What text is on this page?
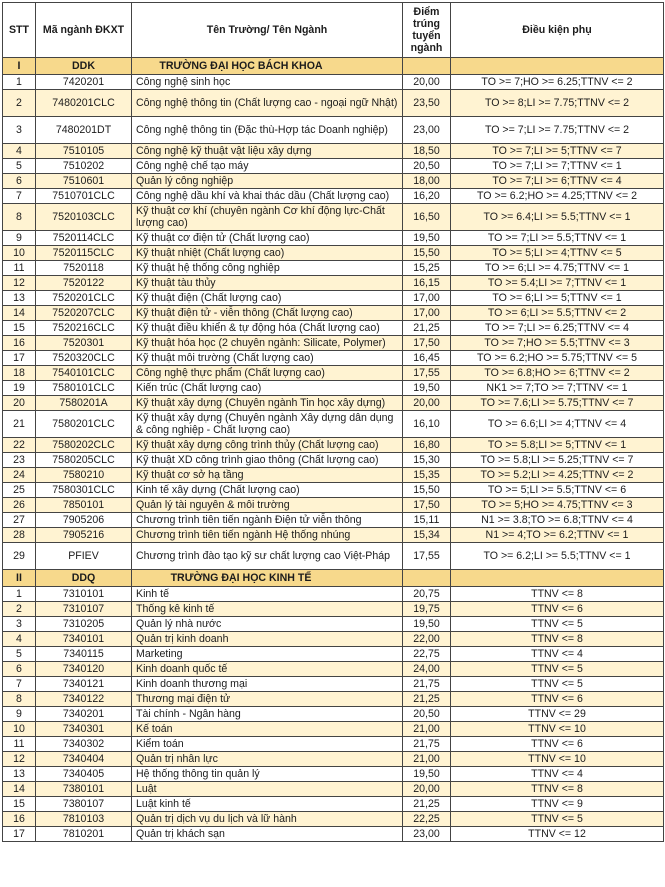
STT	Mã ngành ĐKXT	Tên Trường/ Tên Ngành	Điểm trúng tuyển ngành	Điều kiện phụ
I	DDK	TRƯỜNG ĐẠI HỌC BÁCH KHOA		
1	7420201	Công nghệ sinh học	20,00	TO >= 7;HO >= 6.25;TTNV <= 2
2	7480201CLC	Công nghệ thông tin (Chất lượng cao - ngoại ngữ Nhật)	23,50	TO >= 8;LI >= 7.75;TTNV <= 2
3	7480201DT	Công nghệ thông tin (Đặc thù-Hợp tác Doanh nghiệp)	23,00	TO >= 7;LI >= 7.75;TTNV <= 2
4	7510105	Công nghệ kỹ thuật vật liệu xây dựng	18,50	TO >= 7;LI >= 5;TTNV <= 7
5	7510202	Công nghệ chế tạo máy	20,50	TO >= 7;LI >= 7;TTNV <= 1
6	7510601	Quản lý công nghiệp	18,00	TO >= 7;LI >= 6;TTNV <= 4
7	7510701CLC	Công nghệ dầu khí và khai thác dầu (Chất lượng cao)	16,20	TO >= 6.2;HO >= 4.25;TTNV <= 2
8	7520103CLC	Kỹ thuật cơ khí (chuyên ngành Cơ khí động lực-Chất lượng cao)	16,50	TO >= 6.4;LI >= 5.5;TTNV <= 1
9	7520114CLC	Kỹ thuật cơ điện tử (Chất lượng cao)	19,50	TO >= 7;LI >= 5.5;TTNV <= 1
10	7520115CLC	Kỹ thuật nhiệt (Chất lượng cao)	15,50	TO >= 5;LI >= 4;TTNV <= 5
11	7520118	Kỹ thuật hệ thống công nghiệp	15,25	TO >= 6;LI >= 4.75;TTNV <= 1
12	7520122	Kỹ thuật tàu thủy	16,15	TO >= 5.4;LI >= 7;TTNV <= 1
13	7520201CLC	Kỹ thuật điện (Chất lượng cao)	17,00	TO >= 6;LI >= 5;TTNV <= 1
14	7520207CLC	Kỹ thuật điện tử - viễn thông (Chất lượng cao)	17,00	TO >= 6;LI >= 5.5;TTNV <= 2
15	7520216CLC	Kỹ thuật điều khiển & tự động hóa (Chất lượng cao)	21,25	TO >= 7;LI >= 6.25;TTNV <= 4
16	7520301	Kỹ thuật hóa học (2 chuyên ngành: Silicate, Polymer)	17,50	TO >= 7;HO >= 5.5;TTNV <= 3
17	7520320CLC	Kỹ thuật môi trường (Chất lượng cao)	16,45	TO >= 6.2;HO >= 5.75;TTNV <= 5
18	7540101CLC	Công nghệ thực phẩm (Chất lượng cao)	17,55	TO >= 6.8;HO >= 6;TTNV <= 2
19	7580101CLC	Kiến trúc (Chất lượng cao)	19,50	NK1 >= 7;TO >= 7;TTNV <= 1
20	7580201A	Kỹ thuật xây dựng (Chuyên ngành Tin học xây dựng)	20,00	TO >= 7.6;LI >= 5.75;TTNV <= 7
21	7580201CLC	Kỹ thuật xây dựng (Chuyên ngành Xây dựng dân dụng & công nghiệp - Chất lượng cao)	16,10	TO >= 6.6;LI >= 4;TTNV <= 4
22	7580202CLC	Kỹ thuật xây dựng công trình thủy (Chất lượng cao)	16,80	TO >= 5.8;LI >= 5;TTNV <= 1
23	7580205CLC	Kỹ thuật XD công trình giao thông (Chất lượng cao)	15,30	TO >= 5.8;LI >= 5.25;TTNV <= 7
24	7580210	Kỹ thuật cơ sở hạ tầng	15,35	TO >= 5.2;LI >= 4.25;TTNV <= 2
25	7580301CLC	Kinh tế xây dựng (Chất lượng cao)	15,50	TO >= 5;LI >= 5.5;TTNV <= 6
26	7850101	Quản lý tài nguyên & môi trường	17,50	TO >= 5;HO >= 4.75;TTNV <= 3
27	7905206	Chương trình tiên tiến ngành Điện tử viễn thông	15,11	N1 >= 3.8;TO >= 6.8;TTNV <= 4
28	7905216	Chương trình tiên tiến ngành Hệ thống nhúng	15,34	N1 >= 4;TO >= 6.2;TTNV <= 1
29	PFIEV	Chương trình đào tạo kỹ sư chất lượng cao Việt-Pháp	17,55	TO >= 6.2;LI >= 5.5;TTNV <= 1
II	DDQ	TRƯỜNG ĐẠI HỌC KINH TẾ		
1	7310101	Kinh tế	20,75	TTNV <= 8
2	7310107	Thống kê kinh tế	19,75	TTNV <= 6
3	7310205	Quản lý nhà nước	19,50	TTNV <= 5
4	7340101	Quản trị kinh doanh	22,00	TTNV <= 8
5	7340115	Marketing	22,75	TTNV <= 4
6	7340120	Kinh doanh quốc tế	24,00	TTNV <= 5
7	7340121	Kinh doanh thương mại	21,75	TTNV <= 5
8	7340122	Thương mại điện tử	21,25	TTNV <= 6
9	7340201	Tài chính - Ngân hàng	20,50	TTNV <= 29
10	7340301	Kế toán	21,00	TTNV <= 10
11	7340302	Kiểm toán	21,75	TTNV <= 6
12	7340404	Quản trị nhân lực	21,00	TTNV <= 10
13	7340405	Hệ thống thông tin quản lý	19,50	TTNV <= 4
14	7380101	Luật	20,00	TTNV <= 8
15	7380107	Luật kinh tế	21,25	TTNV <= 9
16	7810103	Quản trị dịch vụ du lịch và lữ hành	22,25	TTNV <= 5
17	7810201	Quản trị khách sạn	23,00	TTNV <= 12
